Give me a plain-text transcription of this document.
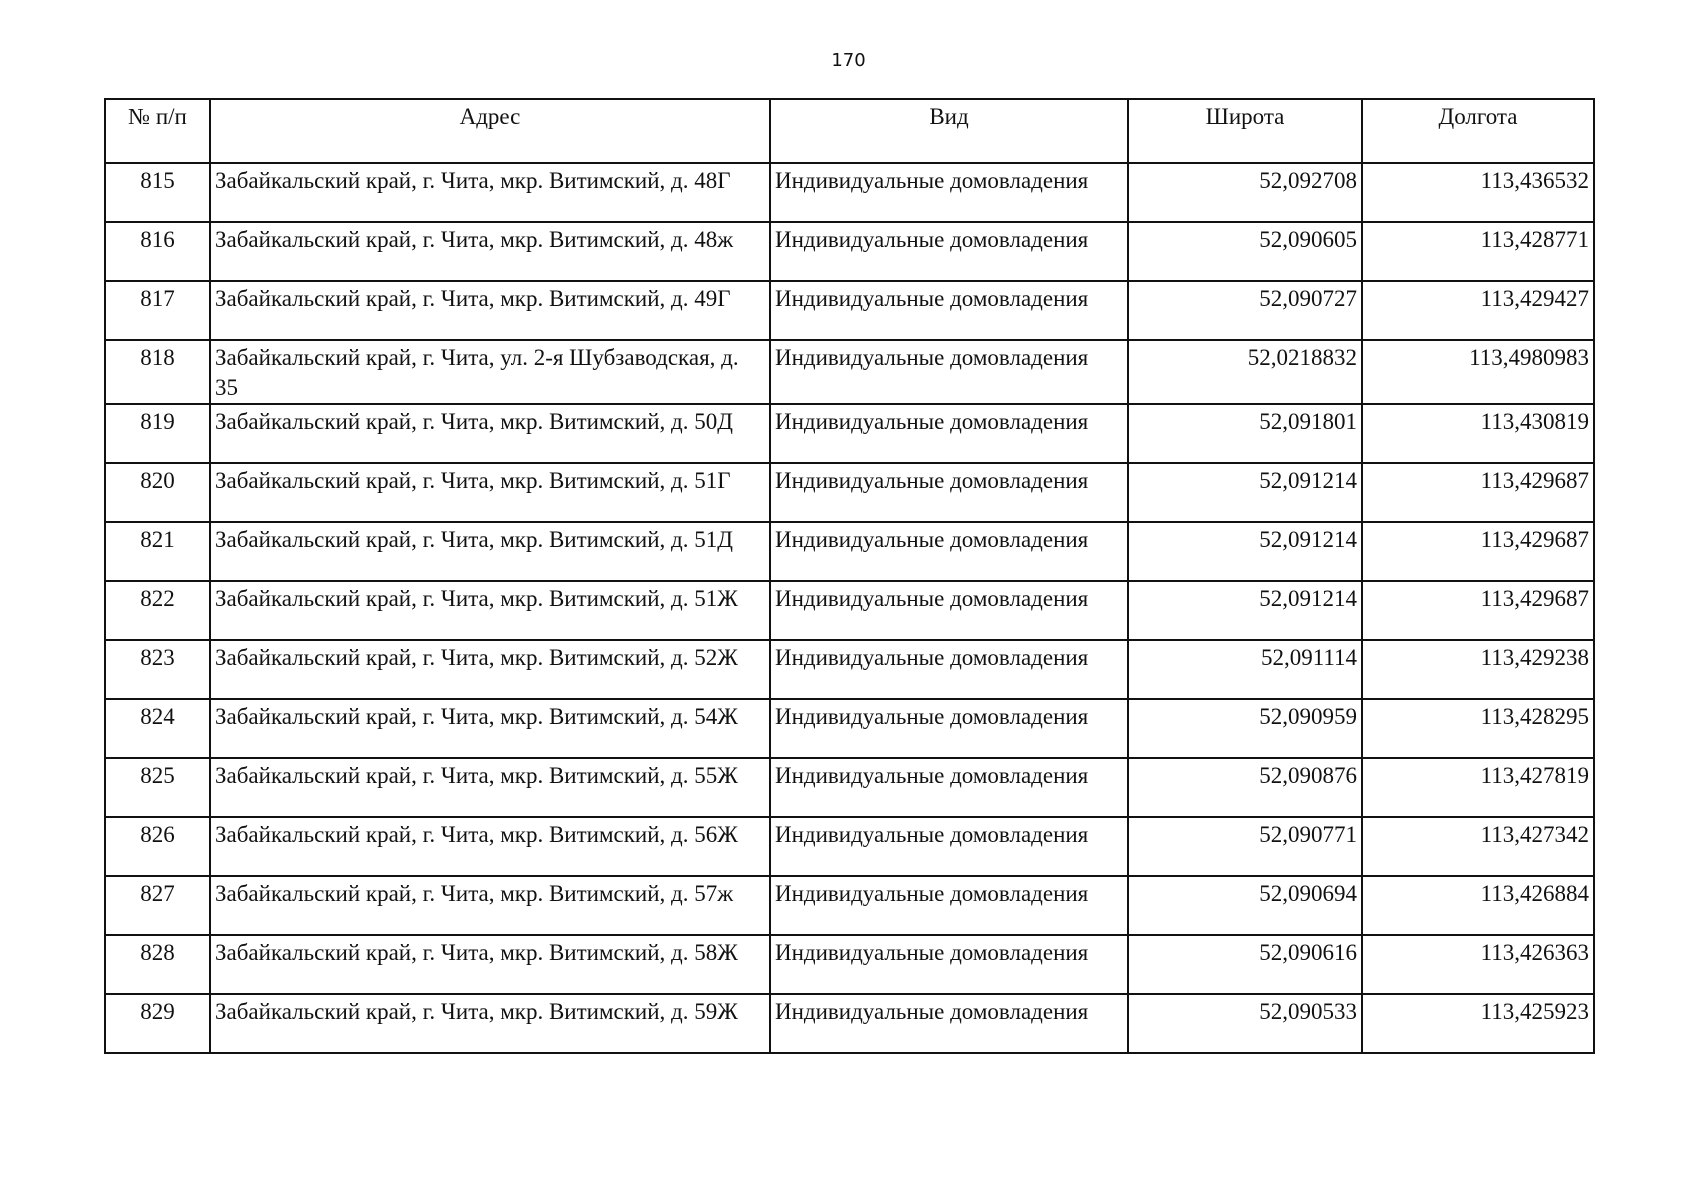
170
№ п/п	Адрес	Вид	Широта	Долгота
815	Забайкальский край, г. Чита, мкр. Витимский, д. 48Г	Индивидуальные домовладения	52,092708	113,436532
816	Забайкальский край, г. Чита, мкр. Витимский, д. 48ж	Индивидуальные домовладения	52,090605	113,428771
817	Забайкальский край, г. Чита, мкр. Витимский, д. 49Г	Индивидуальные домовладения	52,090727	113,429427
818	Забайкальский край, г. Чита, ул. 2-я Шубзаводская, д. 35	Индивидуальные домовладения	52,0218832	113,4980983
819	Забайкальский край, г. Чита, мкр. Витимский, д. 50Д	Индивидуальные домовладения	52,091801	113,430819
820	Забайкальский край, г. Чита, мкр. Витимский, д. 51Г	Индивидуальные домовладения	52,091214	113,429687
821	Забайкальский край, г. Чита, мкр. Витимский, д. 51Д	Индивидуальные домовладения	52,091214	113,429687
822	Забайкальский край, г. Чита, мкр. Витимский, д. 51Ж	Индивидуальные домовладения	52,091214	113,429687
823	Забайкальский край, г. Чита, мкр. Витимский, д. 52Ж	Индивидуальные домовладения	52,091114	113,429238
824	Забайкальский край, г. Чита, мкр. Витимский, д. 54Ж	Индивидуальные домовладения	52,090959	113,428295
825	Забайкальский край, г. Чита, мкр. Витимский, д. 55Ж	Индивидуальные домовладения	52,090876	113,427819
826	Забайкальский край, г. Чита, мкр. Витимский, д. 56Ж	Индивидуальные домовладения	52,090771	113,427342
827	Забайкальский край, г. Чита, мкр. Витимский, д. 57ж	Индивидуальные домовладения	52,090694	113,426884
828	Забайкальский край, г. Чита, мкр. Витимский, д. 58Ж	Индивидуальные домовладения	52,090616	113,426363
829	Забайкальский край, г. Чита, мкр. Витимский, д. 59Ж	Индивидуальные домовладения	52,090533	113,425923
